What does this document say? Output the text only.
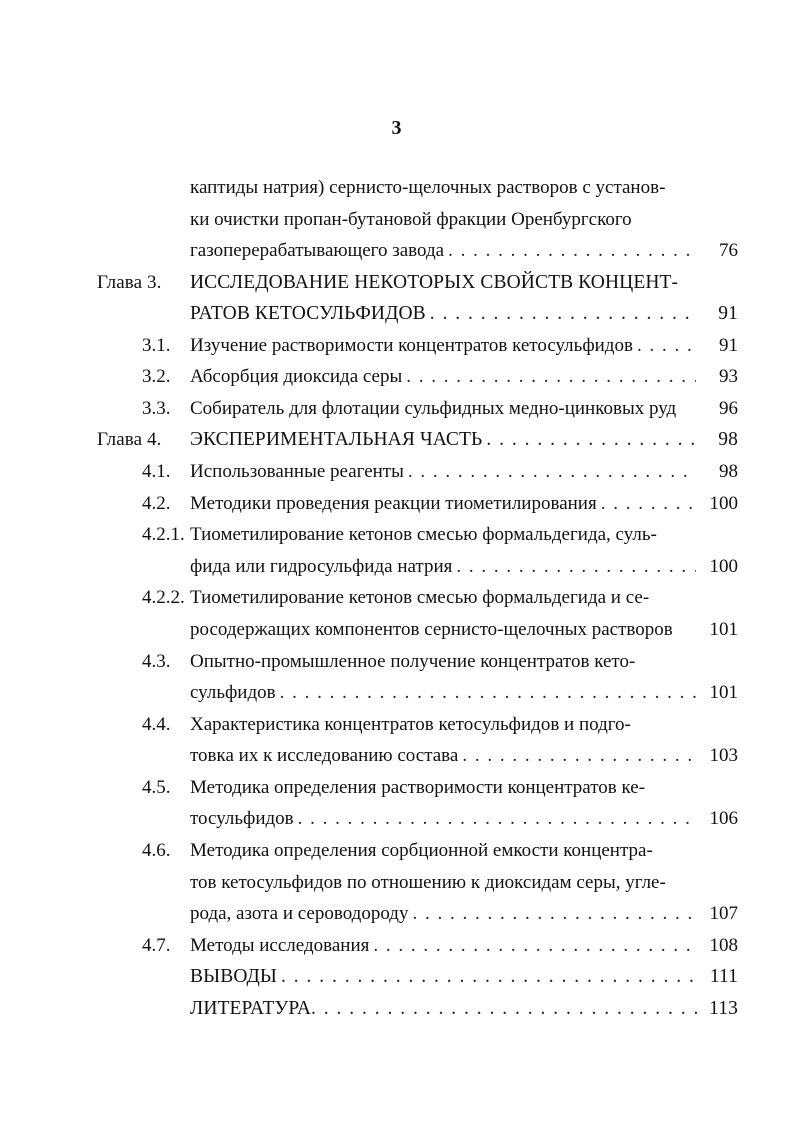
3
каптиды натрия) сернисто-щелочных растворов с установ-
ки очистки пропан-бутановой фракции Оренбургского
газоперерабатывающего завода . . .	76
Глава 3. ИССЛЕДОВАНИЕ НЕКОТОРЫХ СВОЙСТВ КОНЦЕНТ-
РАТОВ КЕТОСУЛЬФИДОВ . . .	91
3.1. Изучение растворимости концентратов кетосульфидов . . .	91
3.2. Абсорбция диоксида серы . . .	93
3.3. Собиратель для флотации сульфидных медно-цинковых руд	96
Глава 4. ЭКСПЕРИМЕНТАЛЬНАЯ ЧАСТЬ . . .	98
4.1. Использованные реагенты . . .	98
4.2. Методики проведения реакции тиометилирования . . .	100
4.2.1. Тиометилирование кетонов смесью формальдегида, суль-
фида или гидросульфида натрия . . .	100
4.2.2. Тиометилирование кетонов смесью формальдегида и се-
росодержащих компонентов сернисто-щелочных растворов	101
4.3. Опытно-промышленное получение концентратов кето-
сульфидов . . .	101
4.4. Характеристика концентратов кетосульфидов и подго-
товка их к исследованию состава . . .	103
4.5. Методика определения растворимости концентратов ке-
тосульфидов . . .	106
4.6. Методика определения сорбционной емкости концентра-
тов кетосульфидов по отношению к диоксидам серы, угле-
рода, азота и сероводороду . . .	107
4.7. Методы исследования . . .	108
ВЫВОДЫ . . .	111
ЛИТЕРАТУРА . . .	113
